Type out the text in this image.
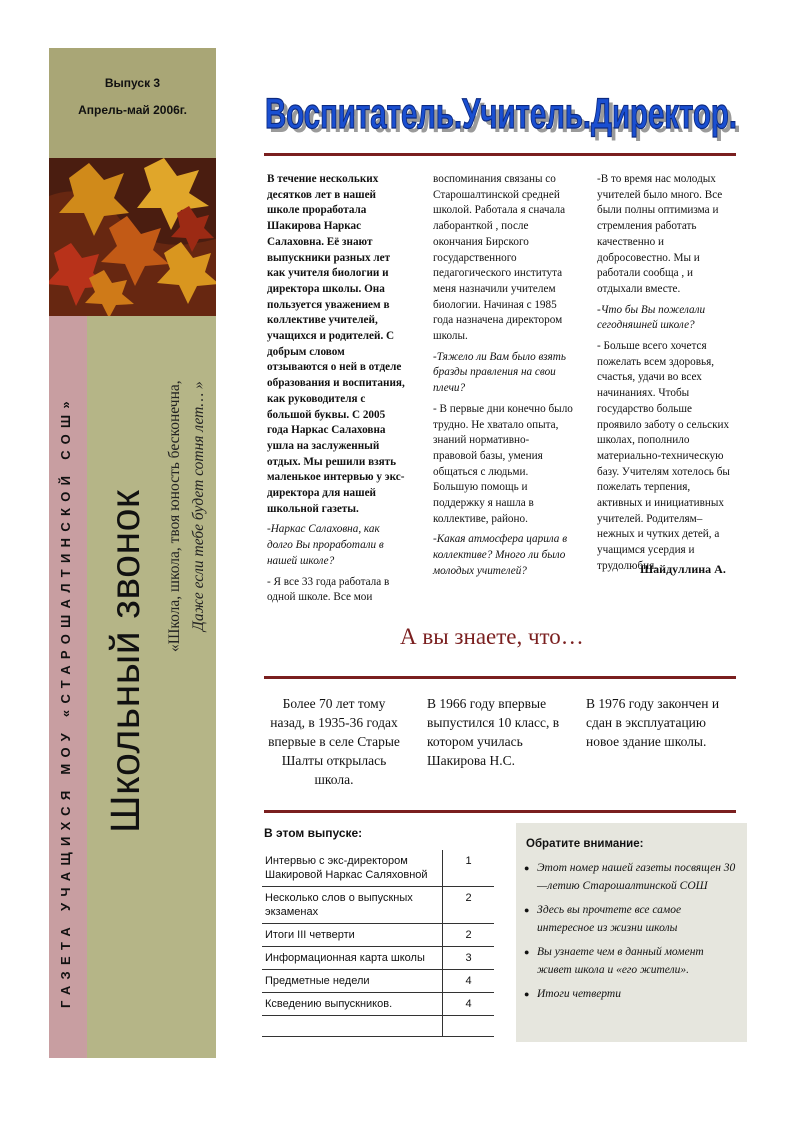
Выпуск 3
Апрель-май 2006г.
ГАЗЕТА УЧАЩИХСЯ МОУ «СТАРОШАЛТИНСКОЙ СОШ» Школьный звонок «Школа, школа, твоя юность бесконечна, Даже если тебе будет сотня лет… »
Воспитатель.Учитель.Директор.
Воспитатель.Учитель.Директор.

В течение нескольких десятков лет в нашей школе проработала Шакирова Наркас Салаховна. Её знают выпускники разных лет как учителя биологии и директора школы. Она пользуется уважением в коллективе учителей, учащихся и родителей. С добрым словом отзываются о ней в отделе образования и воспитания, как руководителя с большой буквы. С 2005 года Наркас Салаховна ушла на заслуженный отдых. Мы решили взять маленькое интервью у экс-директора для нашей школьной газеты.

-Наркас Салаховна, как долго Вы проработали в нашей школе?

- Я все 33 года работала в одной школе. Все мои

воспоминания связаны со Старошалтинской средней школой. Работала я сначала лаборанткой , после окончания Бирского государственного педагогического института меня назначили учителем биологии. Начиная с 1985 года назначена директором школы.

-Тяжело ли Вам было взять бразды правления на свои плечи?

- В первые дни конечно было трудно. Не хватало опыта, знаний нормативно-правовой базы, умения общаться с людьми. Большую помощь и поддержку я нашла в коллективе, районо.

-Какая атмосфера царила в коллективе? Много ли было молодых учителей?

-В то время нас молодых учителей было много. Все были полны оптимизма и стремления работать качественно и добросовестно. Мы и работали сообща , и отдыхали вместе.

-Что бы Вы пожелали сегодняшней школе?

- Больше всего хочется пожелать всем здоровья, счастья, удачи во всех начинаниях. Чтобы государство больше проявило заботу о сельских школах, пополнило материально-техническую базу. Учителям хотелось бы пожелать терпения, активных и инициативных учителей. Родителям– нежных и чутких детей, а учащимся усердия и трудолюбия.

Шайдуллина А.
А вы знаете, что…
Более 70 лет тому назад, в 1935-36 годах впервые в селе Старые Шалты открылась школа.
В 1966 году впервые выпустился 10 класс, в котором училась Шакирова Н.С.
В 1976 году закончен и сдан в эксплуатацию новое здание школы.
В этом выпуске:
Интервью с экс-директором Шакировой Наркас Саляховной	1
Несколько слов о выпускных экзаменах	2
Итоги III четверти	2
Информационная карта школы	3
Предметные недели	4
Ксведению выпускников.	4

Обратите внимание:
● Этот номер нашей газеты посвящен 30—летию Старошалтинской СОШ
● Здесь вы прочтете все самое интересное из жизни школы
● Вы узнаете чем в данный момент живет школа и «его жители».
● Итоги четверти
